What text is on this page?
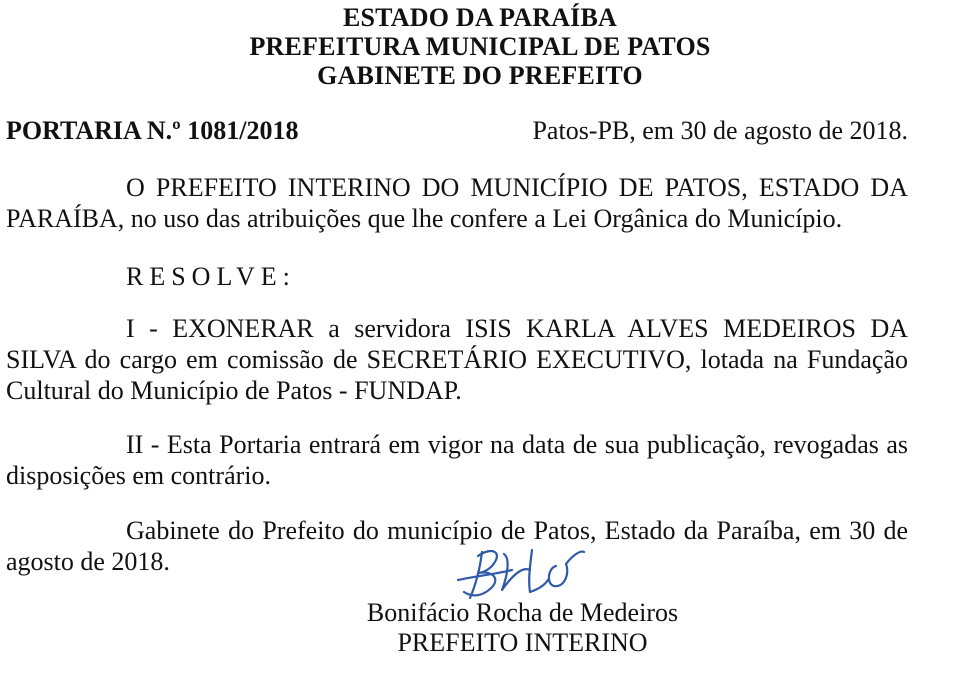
ESTADO DA PARAÍBA
PREFEITURA MUNICIPAL DE PATOS
GABINETE DO PREFEITO
PORTARIA N.º 1081/2018	Patos-PB, em 30 de agosto de 2018.
O PREFEITO INTERINO DO MUNICÍPIO DE PATOS, ESTADO DA
PARAÍBA, no uso das atribuições que lhe confere a Lei Orgânica do Município.
RESOLVE:
I - EXONERAR a servidora ISIS KARLA ALVES MEDEIROS DA
SILVA do cargo em comissão de SECRETÁRIO EXECUTIVO, lotada na Fundação
Cultural do Município de Patos - FUNDAP.
II - Esta Portaria entrará em vigor na data de sua publicação, revogadas as
disposições em contrário.
Gabinete do Prefeito do município de Patos, Estado da Paraíba, em 30 de
agosto de 2018.
Bonifácio Rocha de Medeiros
PREFEITO INTERINO
